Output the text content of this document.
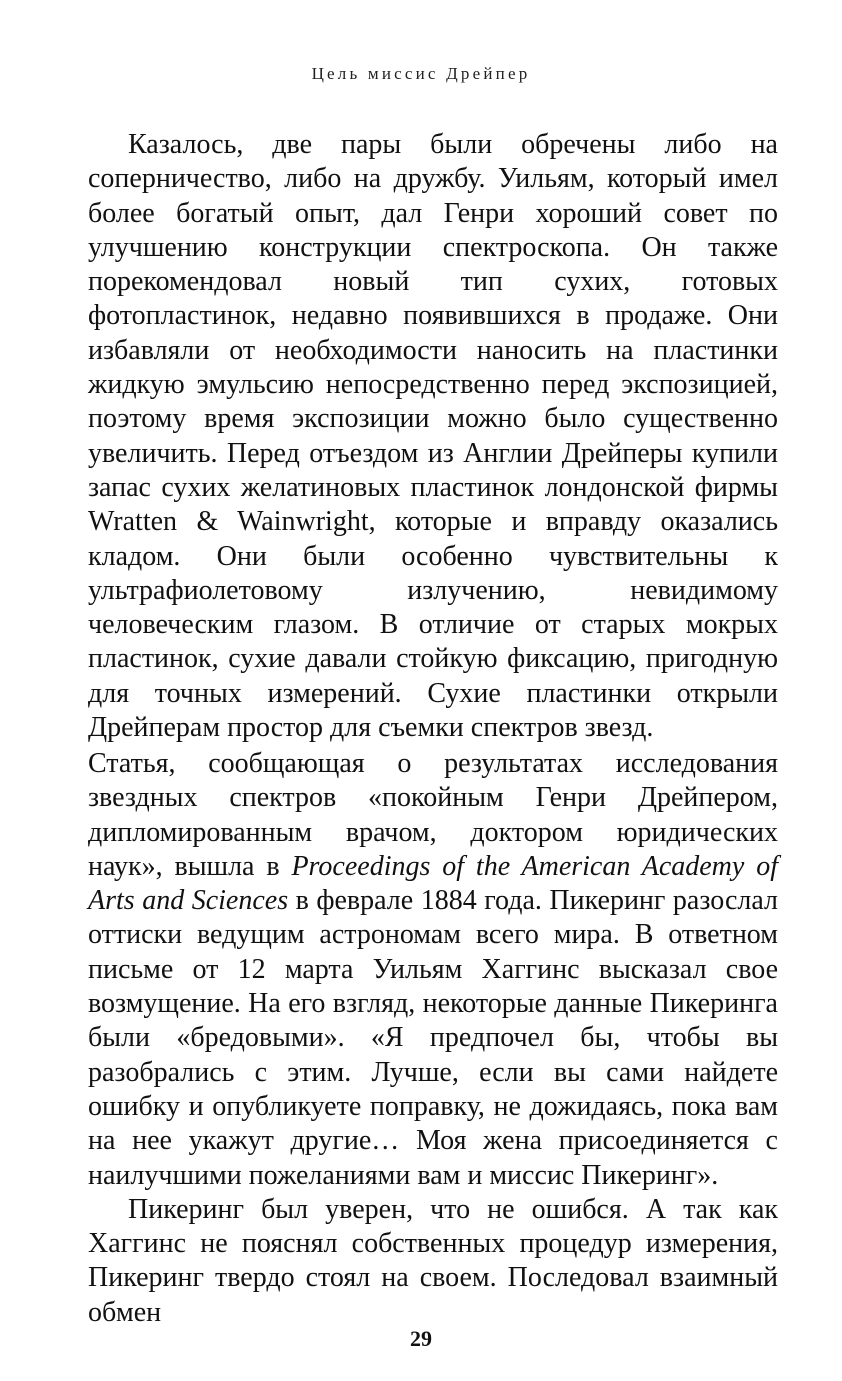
Цель миссис Дрейпер

Казалось, две пары были обречены либо на соперничество, либо на дружбу. Уильям, который имел более богатый опыт, дал Генри хороший совет по улучшению конструкции спектроскопа. Он также порекомендовал новый тип сухих, готовых фотопластинок, недавно появившихся в продаже. Они избавляли от необходимости наносить на пластинки жидкую эмульсию непосредственно перед экспозицией, поэтому время экспозиции можно было существенно увеличить. Перед отъездом из Англии Дрейперы купили запас сухих желатиновых пластинок лондонской фирмы Wratten & Wainwright, которые и вправду оказались кладом. Они были особенно чувствительны к ультрафиолетовому излучению, невидимому человеческим глазом. В отличие от старых мокрых пластинок, сухие давали стойкую фиксацию, пригодную для точных измерений. Сухие пластинки открыли Дрейперам простор для съемки спектров звезд.

Статья, сообщающая о результатах исследования звездных спектров «покойным Генри Дрейпером, дипломированным врачом, доктором юридических наук», вышла в Proceedings of the American Academy of Arts and Sciences в феврале 1884 года. Пикеринг разослал оттиски ведущим астрономам всего мира. В ответном письме от 12 марта Уильям Хаггинс высказал свое возмущение. На его взгляд, некоторые данные Пикеринга были «бредовыми». «Я предпочел бы, чтобы вы разобрались с этим. Лучше, если вы сами найдете ошибку и опубликуете поправку, не дожидаясь, пока вам на нее укажут другие… Моя жена присоединяется с наилучшими пожеланиями вам и миссис Пикеринг».

Пикеринг был уверен, что не ошибся. А так как Хаггинс не пояснял собственных процедур измерения, Пикеринг твердо стоял на своем. Последовал взаимный обмен

29
